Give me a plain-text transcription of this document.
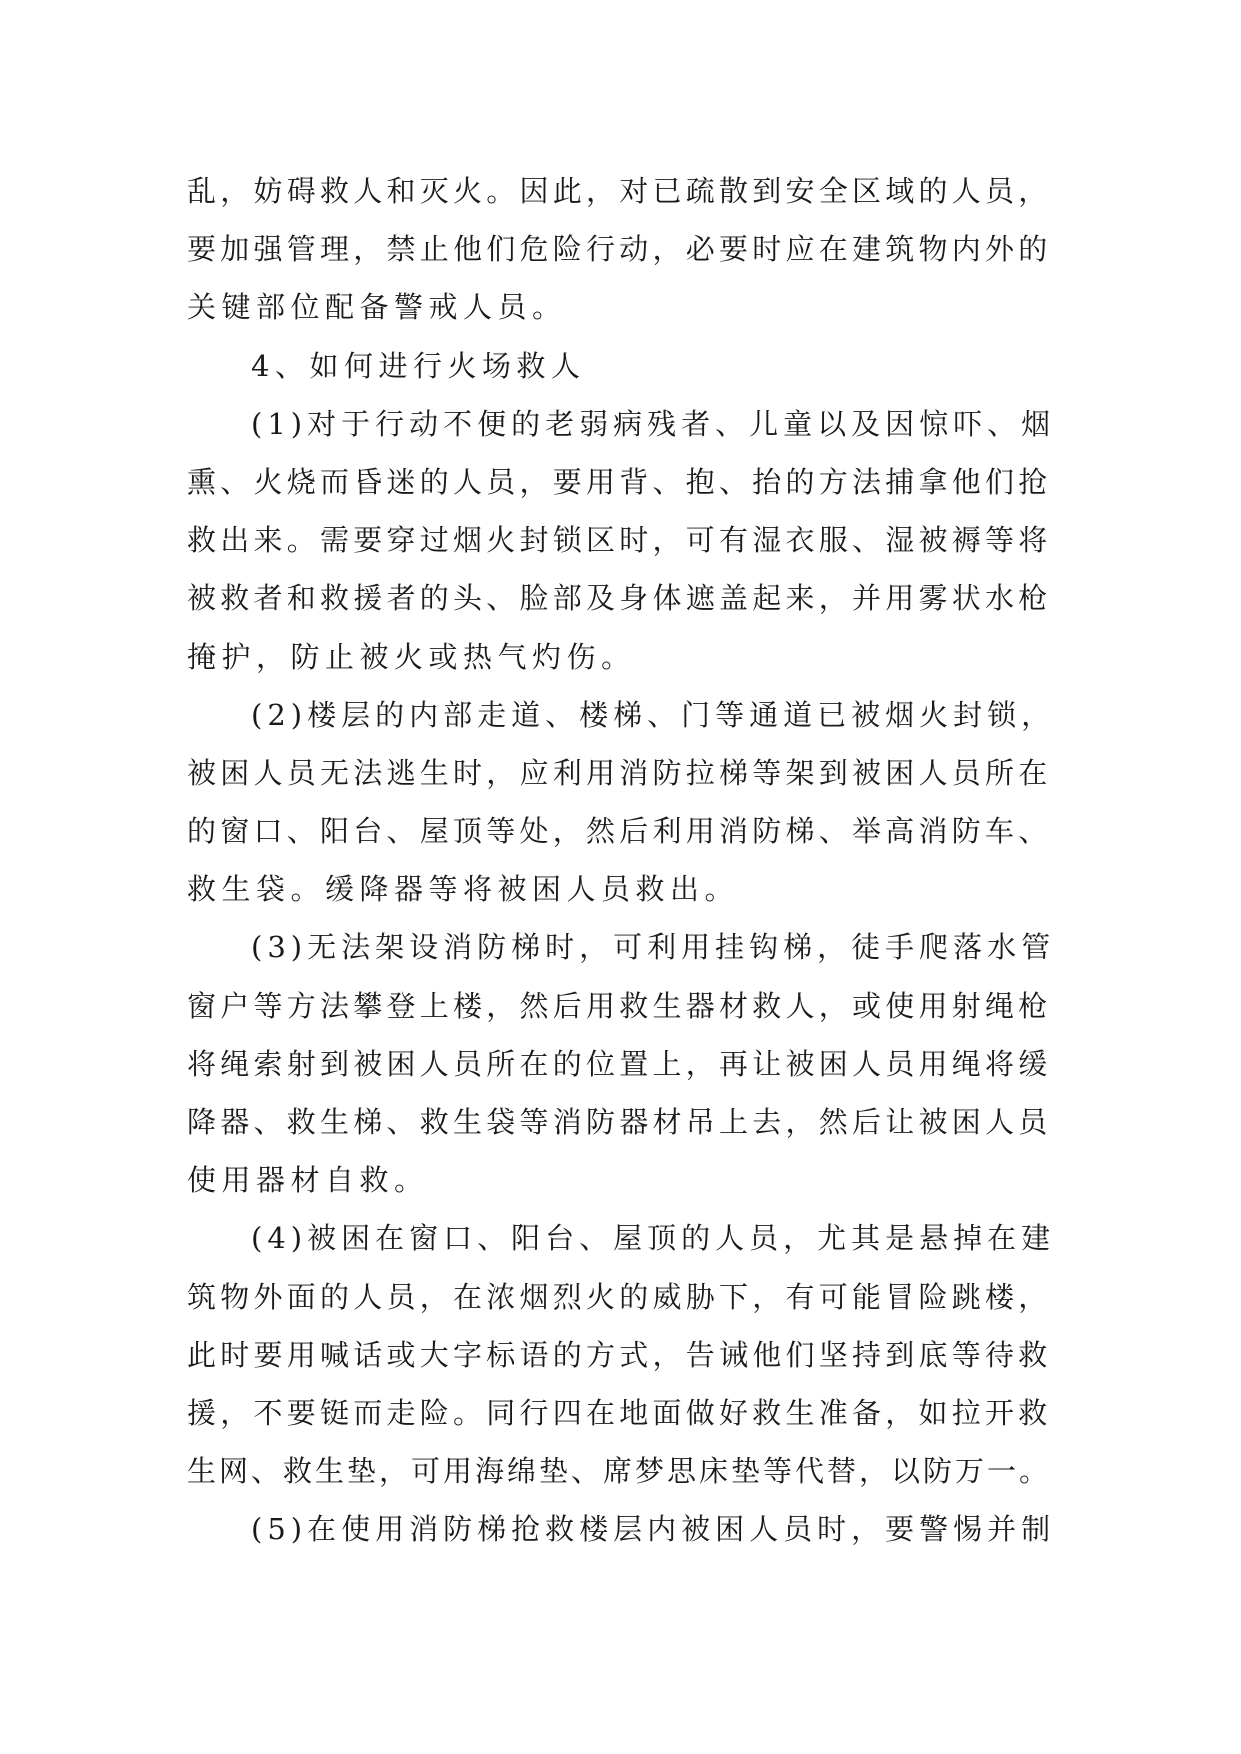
乱，妨碍救人和灭火。因此，对已疏散到安全区域的人员，
要加强管理，禁止他们危险行动，必要时应在建筑物内外的
关键部位配备警戒人员。
4、如何进行火场救人
(1)对于行动不便的老弱病残者、儿童以及因惊吓、烟
熏、火烧而昏迷的人员，要用背、抱、抬的方法捕拿他们抢
救出来。需要穿过烟火封锁区时，可有湿衣服、湿被褥等将
被救者和救援者的头、脸部及身体遮盖起来，并用雾状水枪
掩护，防止被火或热气灼伤。
(2)楼层的内部走道、楼梯、门等通道已被烟火封锁，
被困人员无法逃生时，应利用消防拉梯等架到被困人员所在
的窗口、阳台、屋顶等处，然后利用消防梯、举高消防车、
救生袋。缓降器等将被困人员救出。
(3)无法架设消防梯时，可利用挂钩梯，徒手爬落水管
窗户等方法攀登上楼，然后用救生器材救人，或使用射绳枪
将绳索射到被困人员所在的位置上，再让被困人员用绳将缓
降器、救生梯、救生袋等消防器材吊上去，然后让被困人员
使用器材自救。
(4)被困在窗口、阳台、屋顶的人员，尤其是悬掉在建
筑物外面的人员，在浓烟烈火的威胁下，有可能冒险跳楼，
此时要用喊话或大字标语的方式，告诫他们坚持到底等待救
援，不要铤而走险。同行四在地面做好救生准备，如拉开救
生网、救生垫，可用海绵垫、席梦思床垫等代替，以防万一。
(5)在使用消防梯抢救楼层内被困人员时，要警惕并制
